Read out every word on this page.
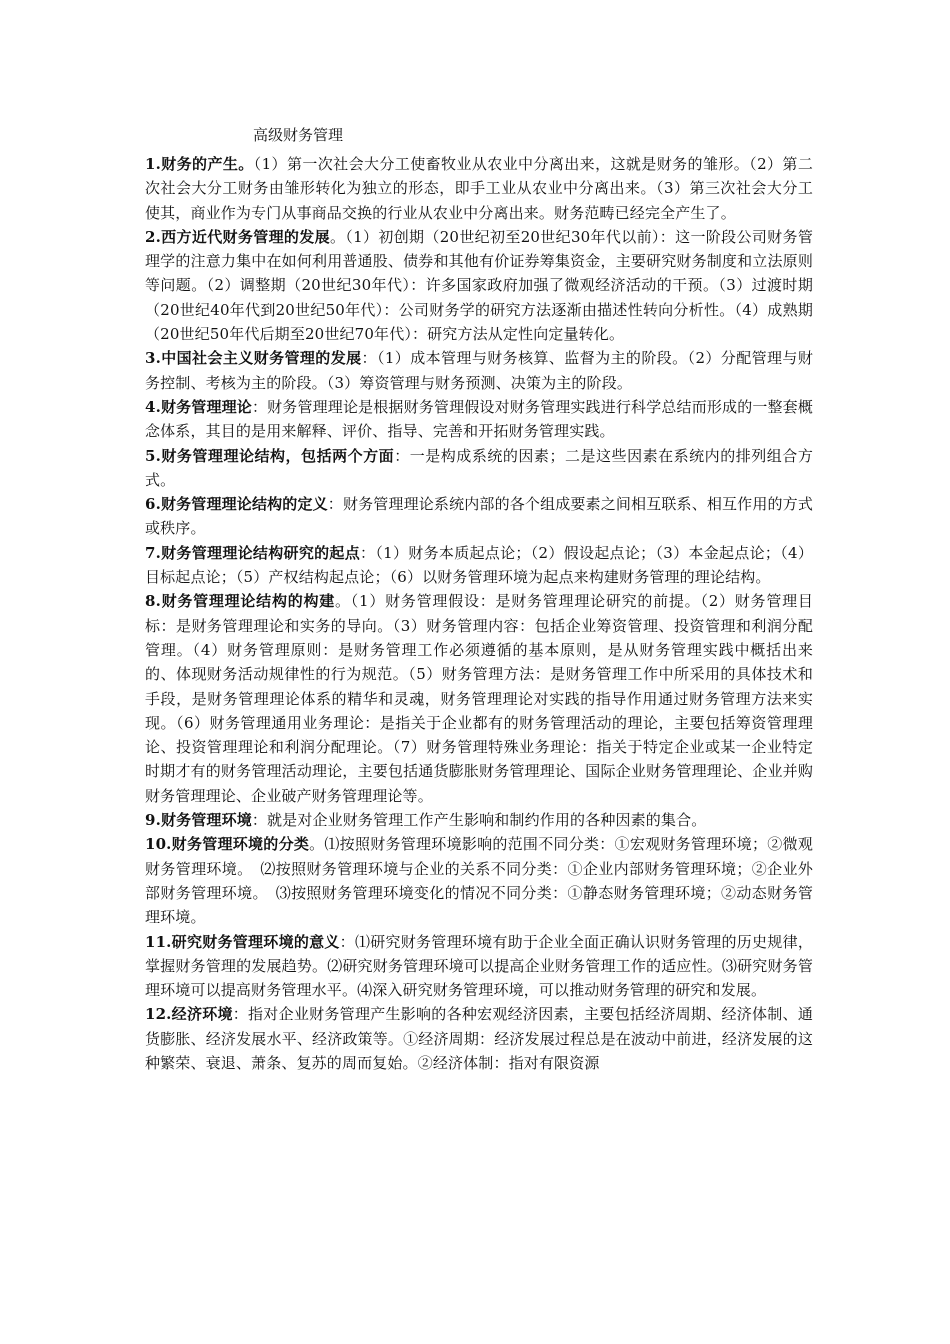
高级财务管理

1.财务的产生。（1）第一次社会大分工使畜牧业从农业中分离出来，这就是财务的雏形。（2）第二次社会大分工财务由雏形转化为独立的形态，即手工业从农业中分离出来。（3）第三次社会大分工使其，商业作为专门从事商品交换的行业从农业中分离出来。财务范畴已经完全产生了。

2.西方近代财务管理的发展。（1）初创期（20世纪初至20世纪30年代以前）：这一阶段公司财务管理学的注意力集中在如何利用普通股、债券和其他有价证券筹集资金，主要研究财务制度和立法原则等问题。（2）调整期（20世纪30年代）：许多国家政府加强了微观经济活动的干预。（3）过渡时期（20世纪40年代到20世纪50年代）：公司财务学的研究方法逐渐由描述性转向分析性。（4）成熟期（20世纪50年代后期至20世纪70年代）：研究方法从定性向定量转化。

3.中国社会主义财务管理的发展：（1）成本管理与财务核算、监督为主的阶段。（2）分配管理与财务控制、考核为主的阶段。（3）筹资管理与财务预测、决策为主的阶段。

4.财务管理理论：财务管理理论是根据财务管理假设对财务管理实践进行科学总结而形成的一整套概念体系，其目的是用来解释、评价、指导、完善和开拓财务管理实践。

5.财务管理理论结构，包括两个方面：一是构成系统的因素；二是这些因素在系统内的排列组合方式。

6.财务管理理论结构的定义：财务管理理论系统内部的各个组成要素之间相互联系、相互作用的方式或秩序。

7.财务管理理论结构研究的起点：（1）财务本质起点论；（2）假设起点论；（3）本金起点论；（4）目标起点论；（5）产权结构起点论；（6）以财务管理环境为起点来构建财务管理的理论结构。

8.财务管理理论结构的构建。（1）财务管理假设：是财务管理理论研究的前提。（2）财务管理目标：是财务管理理论和实务的导向。（3）财务管理内容：包括企业筹资管理、投资管理和利润分配管理。（4）财务管理原则：是财务管理工作必须遵循的基本原则，是从财务管理实践中概括出来的、体现财务活动规律性的行为规范。（5）财务管理方法：是财务管理工作中所采用的具体技术和手段，是财务管理理论体系的精华和灵魂，财务管理理论对实践的指导作用通过财务管理方法来实现。（6）财务管理通用业务理论：是指关于企业都有的财务管理活动的理论，主要包括筹资管理理论、投资管理理论和利润分配理论。（7）财务管理特殊业务理论：指关于特定企业或某一企业特定时期才有的财务管理活动理论，主要包括通货膨胀财务管理理论、国际企业财务管理理论、企业并购财务管理理论、企业破产财务管理理论等。

9.财务管理环境：就是对企业财务管理工作产生影响和制约作用的各种因素的集合。

10.财务管理环境的分类。⑴按照财务管理环境影响的范围不同分类：①宏观财务管理环境；②微观财务管理环境。　⑵按照财务管理环境与企业的关系不同分类：①企业内部财务管理环境；②企业外部财务管理环境。　⑶按照财务管理环境变化的情况不同分类：①静态财务管理环境；②动态财务管理环境。

11.研究财务管理环境的意义：⑴研究财务管理环境有助于企业全面正确认识财务管理的历史规律，掌握财务管理的发展趋势。⑵研究财务管理环境可以提高企业财务管理工作的适应性。⑶研究财务管理环境可以提高财务管理水平。⑷深入研究财务管理环境，可以推动财务管理的研究和发展。

12.经济环境：指对企业财务管理产生影响的各种宏观经济因素，主要包括经济周期、经济体制、通货膨胀、经济发展水平、经济政策等。①经济周期：经济发展过程总是在波动中前进，经济发展的这种繁荣、衰退、萧条、复苏的周而复始。②经济体制：指对有限资源
